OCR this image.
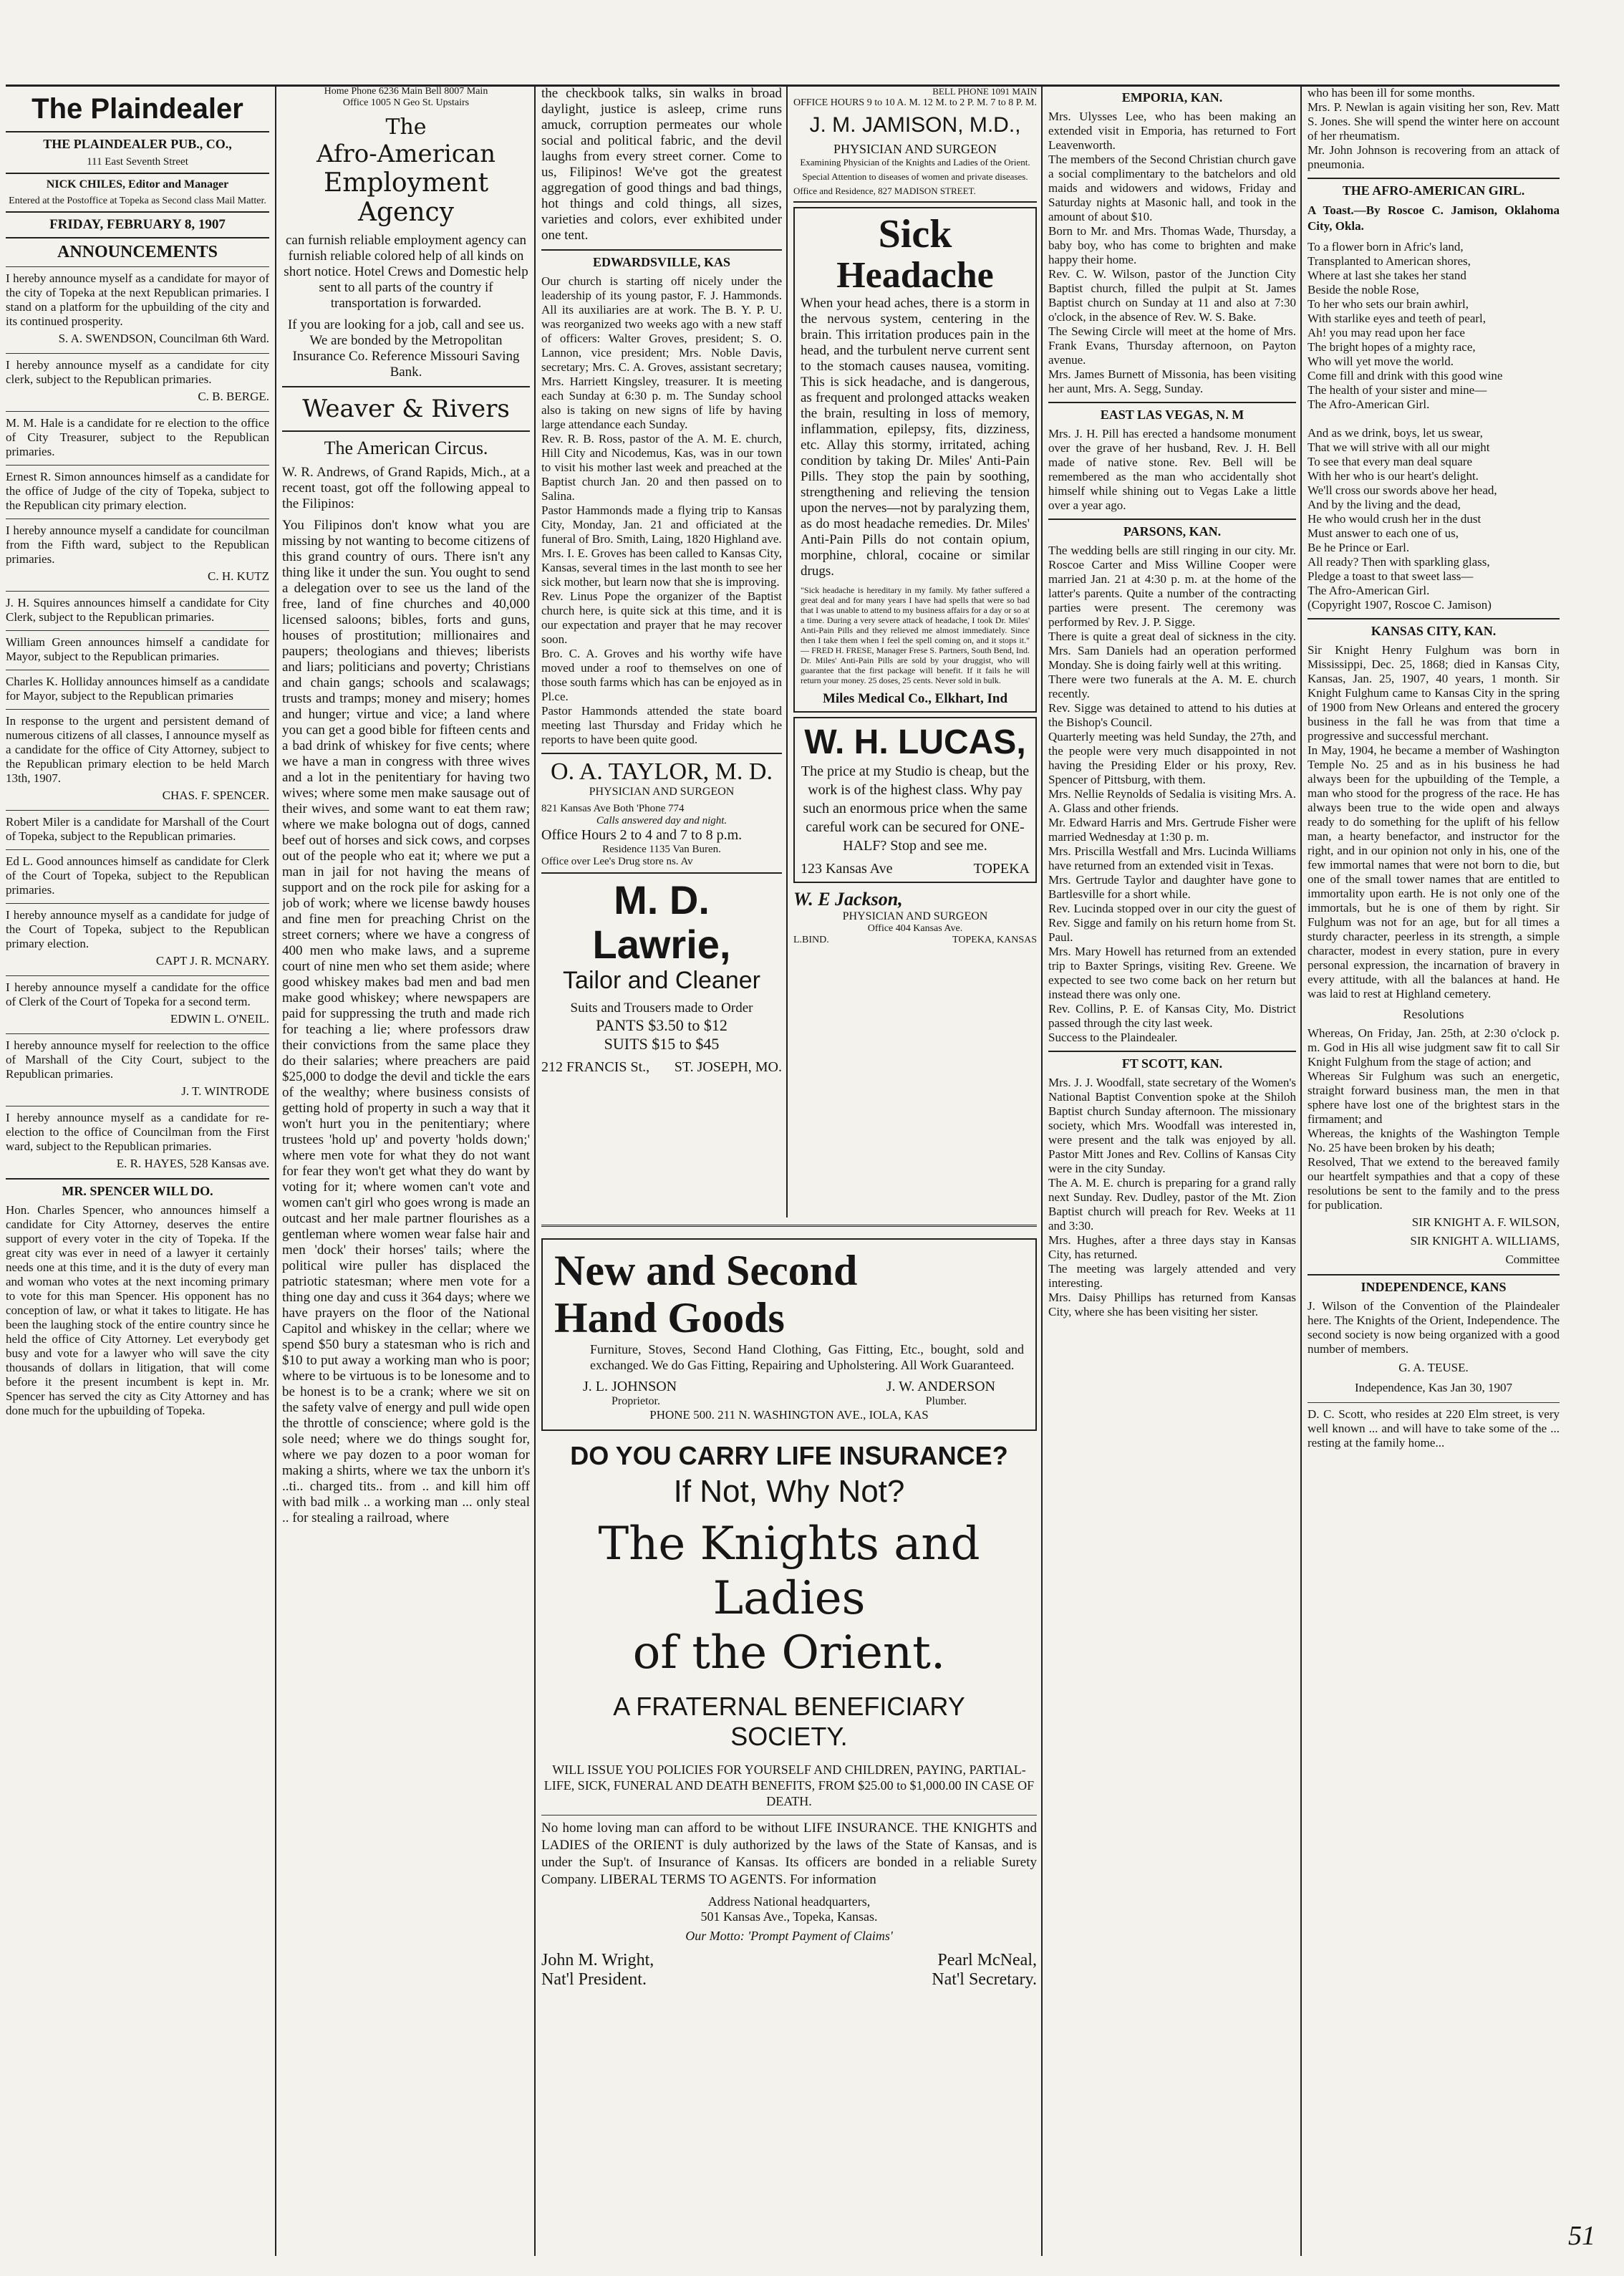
The Plaindealer
THE PLAINDEALER PUB., CO.,
111 East Seventh Street
NICK CHILES, Editor and Manager
Entered at the Postoffice at Topeka as Second class Mail Matter.
FRIDAY, FEBRUARY 8, 1907
ANNOUNCEMENTS

I hereby announce myself as a candidate for mayor of the city of Topeka at the next Republican primaries. I stand on a platform for the upbuilding of the city and its continued prosperity.

S. A. SWENDSON, Councilman 6th Ward.

I hereby announce myself as a candidate for city clerk, subject to the Republican primaries.

C. B. BERGE.

M. M. Hale is a candidate for re election to the office of City Treasurer, subject to the Republican primaries.

Ernest R. Simon announces himself as a candidate for the office of Judge of the city of Topeka, subject to the Republican city primary election.

I hereby announce myself a candidate for councilman from the Fifth ward, subject to the Republican primaries.

C. H. KUTZ

J. H. Squires announces himself a candidate for City Clerk, subject to the Republican primaries.

William Green announces himself a candidate for Mayor, subject to the Republican primaries.

Charles K. Holliday announces himself as a candidate for Mayor, subject to the Republican primaries

In response to the urgent and persistent demand of numerous citizens of all classes, I announce myself as a candidate for the office of City Attorney, subject to the Republican primary election to be held March 13th, 1907.

CHAS. F. SPENCER.

Robert Miler is a candidate for Marshall of the Court of Topeka, subject to the Republican primaries.

Ed L. Good announces himself as candidate for Clerk of the Court of Topeka, subject to the Republican primaries.

I hereby announce myself as a candidate for judge of the Court of Topeka, subject to the Republican primary election.

CAPT J. R. MCNARY.

I hereby announce myself a candidate for the office of Clerk of the Court of Topeka for a second term.

EDWIN L. O'NEIL.

I hereby announce myself for reelection to the office of Marshall of the City Court, subject to the Republican primaries.

J. T. WINTRODE

I hereby announce myself as a candidate for re-election to the office of Councilman from the First ward, subject to the Republican primaries.

E. R. HAYES, 528 Kansas ave.
MR. SPENCER WILL DO.

Hon. Charles Spencer, who announces himself a candidate for City Attorney, deserves the entire support of every voter in the city of Topeka. If the great city was ever in need of a lawyer it certainly needs one at this time, and it is the duty of every man and woman who votes at the next incoming primary to vote for this man Spencer. His opponent has no conception of law, or what it takes to litigate. He has been the laughing stock of the entire country since he held the office of City Attorney. Let everybody get busy and vote for a lawyer who will save the city thousands of dollars in litigation, that will come before it the present incumbent is kept in. Mr. Spencer has served the city as City Attorney and has done much for the upbuilding of Topeka.

Home Phone 6236 Main Bell 8007 Main
Office 1005 N Geo St. Upstairs
The
Afro-American
Employment Agency

can furnish reliable employment agency can furnish reliable colored help of all kinds on short notice. Hotel Crews and Domestic help sent to all parts of the country if transportation is forwarded.

If you are looking for a job, call and see us. We are bonded by the Metropolitan Insurance Co. Reference Missouri Saving Bank.

Weaver & Rivers
The American Circus.

W. R. Andrews, of Grand Rapids, Mich., at a recent toast, got off the following appeal to the Filipinos:

You Filipinos don't know what you are missing by not wanting to become citizens of this grand country of ours. There isn't any thing like it under the sun. You ought to send a delegation over to see us the land of the free, land of fine churches and 40,000 licensed saloons; bibles, forts and guns, houses of prostitution; millionaires and paupers; theologians and thieves; liberists and liars; politicians and poverty; Christians and chain gangs; schools and scalawags; trusts and tramps; money and misery; homes and hunger; virtue and vice; a land where you can get a good bible for fifteen cents and a bad drink of whiskey for five cents; where we have a man in congress with three wives and a lot in the penitentiary for having two wives; where some men make sausage out of their wives, and some want to eat them raw; where we make bologna out of dogs, canned beef out of horses and sick cows, and corpses out of the people who eat it; where we put a man in jail for not having the means of support and on the rock pile for asking for a job of work; where we license bawdy houses and fine men for preaching Christ on the street corners; where we have a congress of 400 men who make laws, and a supreme court of nine men who set them aside; where good whiskey makes bad men and bad men make good whiskey; where newspapers are paid for suppressing the truth and made rich for teaching a lie; where professors draw their convictions from the same place they do their salaries; where preachers are paid $25,000 to dodge the devil and tickle the ears of the wealthy; where business consists of getting hold of property in such a way that it won't hurt you in the penitentiary; where trustees 'hold up' and poverty 'holds down;' where men vote for what they do not want for fear they won't get what they do want by voting for it; where women can't vote and women can't girl who goes wrong is made an outcast and her male partner flourishes as a gentleman where women wear false hair and men 'dock' their horses' tails; where the political wire puller has displaced the patriotic statesman; where men vote for a thing one day and cuss it 364 days; where we have prayers on the floor of the National Capitol and whiskey in the cellar; where we spend $50 bury a statesman who is rich and $10 to put away a working man who is poor; where to be virtuous is to be lonesome and to be honest is to be a crank; where we sit on the safety valve of energy and pull wide open the throttle of conscience; where gold is the sole need; where we do things sought for, where we pay dozen to a poor woman for making a shirts, where we tax the unborn it's ..ti.. charged tits.. from .. and kill him off with bad milk .. a working man ... only steal .. for stealing a railroad, where

the checkbook talks, sin walks in broad daylight, justice is asleep, crime runs amuck, corruption permeates our whole social and political fabric, and the devil laughs from every street corner. Come to us, Filipinos! We've got the greatest aggregation of good things and bad things, hot things and cold things, all sizes, varieties and colors, ever exhibited under one tent.

EDWARDSVILLE, KAS

Our church is starting off nicely under the leadership of its young pastor, F. J. Hammonds. All its auxiliaries are at work. The B. Y. P. U. was reorganized two weeks ago with a new staff of officers: Walter Groves, president; S. O. Lannon, vice president; Mrs. Noble Davis, secretary; Mrs. C. A. Groves, assistant secretary; Mrs. Harriett Kingsley, treasurer. It is meeting each Sunday at 6:30 p. m. The Sunday school also is taking on new signs of life by having large attendance each Sunday.
Rev. R. B. Ross, pastor of the A. M. E. church, Hill City and Nicodemus, Kas, was in our town to visit his mother last week and preached at the Baptist church Jan. 20 and then passed on to Salina.
Pastor Hammonds made a flying trip to Kansas City, Monday, Jan. 21 and officiated at the funeral of Bro. Smith, Laing, 1820 Highland ave.
Mrs. I. E. Groves has been called to Kansas City, Kansas, several times in the last month to see her sick mother, but learn now that she is improving.
Rev. Linus Pope the organizer of the Baptist church here, is quite sick at this time, and it is our expectation and prayer that he may recover soon.
Bro. C. A. Groves and his worthy wife have moved under a roof to themselves on one of those south farms which has can be enjoyed as in Pl.ce.
Pastor Hammonds attended the state board meeting last Thursday and Friday which he reports to have been quite good.

O. A. TAYLOR, M. D.
PHYSICIAN AND SURGEON
821 Kansas Ave Both 'Phone 774
Calls answered day and night.
Office Hours 2 to 4 and 7 to 8 p.m.
Residence 1135 Van Buren.
Office over Lee's Drug store ns. Av
M. D. Lawrie,
Tailor and Cleaner
Suits and Trousers made to Order
PANTS $3.50 to $12
SUITS $15 to $45
212 FRANCIS St., ST. JOSEPH, MO.
BELL PHONE 1091 MAIN
OFFICE HOURS 9 to 10 A. M. 12 M. to 2 P. M. 7 to 8 P. M.
J. M. JAMISON, M.D.,
PHYSICIAN AND SURGEON
Examining Physician of the Knights and Ladies of the Orient.
Special Attention to diseases of women and private diseases.
Office and Residence, 827 MADISON STREET.
Sick
Headache

When your head aches, there is a storm in the nervous system, centering in the brain. This irritation produces pain in the head, and the turbulent nerve current sent to the stomach causes nausea, vomiting. This is sick headache, and is dangerous, as frequent and prolonged attacks weaken the brain, resulting in loss of memory, inflammation, epilepsy, fits, dizziness, etc. Allay this stormy, irritated, aching condition by taking Dr. Miles' Anti-Pain Pills. They stop the pain by soothing, strengthening and relieving the tension upon the nerves—not by paralyzing them, as do most headache remedies. Dr. Miles' Anti-Pain Pills do not contain opium, morphine, chloral, cocaine or similar drugs.

"Sick headache is hereditary in my family. My father suffered a great deal and for many years I have had spells that were so bad that I was unable to attend to my business affairs for a day or so at a time. During a very severe attack of headache, I took Dr. Miles' Anti-Pain Pills and they relieved me almost immediately. Since then I take them when I feel the spell coming on, and it stops it." — FRED H. FRESE, Manager Frese S. Partners, South Bend, Ind. Dr. Miles' Anti-Pain Pills are sold by your druggist, who will guarantee that the first package will benefit. If it fails he will return your money. 25 doses, 25 cents. Never sold in bulk.

Miles Medical Co., Elkhart, Ind
W. H. LUCAS,

The price at my Studio is cheap, but the work is of the highest class. Why pay such an enormous price when the same careful work can be secured for ONE-HALF? Stop and see me.

123 Kansas Ave	TOPEKA
W. E Jackson,
PHYSICIAN AND SURGEON
Office 404 Kansas Ave.
L.BIND.	TOPEKA, KANSAS
New and Second
Hand Goods

Furniture, Stoves, Second Hand Clothing, Gas Fitting, Etc., bought, sold and exchanged. We do Gas Fitting, Repairing and Upholstering. All Work Guaranteed.

J. L. JOHNSON	J. W. ANDERSON
Proprietor.	Plumber.
PHONE 500. 211 N. WASHINGTON AVE., IOLA, KAS
DO YOU CARRY LIFE INSURANCE?
If Not, Why Not?
The Knights and Ladies
of the Orient.
A FRATERNAL BENEFICIARY
SOCIETY.

WILL ISSUE YOU POLICIES FOR YOURSELF AND CHILDREN, PAYING, PARTIAL-LIFE, SICK, FUNERAL AND DEATH BENEFITS, FROM $25.00 to $1,000.00 IN CASE OF DEATH.

No home loving man can afford to be without LIFE INSURANCE. THE KNIGHTS and LADIES of the ORIENT is duly authorized by the laws of the State of Kansas, and is under the Sup't. of Insurance of Kansas. Its officers are bonded in a reliable Surety Company. LIBERAL TERMS TO AGENTS. For information

Address National headquarters,
501 Kansas Ave., Topeka, Kansas.
Our Motto: 'Prompt Payment of Claims'
John M. Wright,	Pearl McNeal,
Nat'l President.	Nat'l Secretary.
EMPORIA, KAN.

Mrs. Ulysses Lee, who has been making an extended visit in Emporia, has returned to Fort Leavenworth.
The members of the Second Christian church gave a social complimentary to the batchelors and old maids and widowers and widows, Friday and Saturday nights at Masonic hall, and took in the amount of about $10.
Born to Mr. and Mrs. Thomas Wade, Thursday, a baby boy, who has come to brighten and make happy their home.
Rev. C. W. Wilson, pastor of the Junction City Baptist church, filled the pulpit at St. James Baptist church on Sunday at 11 and also at 7:30 o'clock, in the absence of Rev. W. S. Bake.
The Sewing Circle will meet at the home of Mrs. Frank Evans, Thursday afternoon, on Payton avenue.
Mrs. James Burnett of Missonia, has been visiting her aunt, Mrs. A. Segg, Sunday.

EAST LAS VEGAS, N. M

Mrs. J. H. Pill has erected a handsome monument over the grave of her husband, Rev. J. H. Bell made of native stone. Rev. Bell will be remembered as the man who accidentally shot himself while shining out to Vegas Lake a little over a year ago.

PARSONS, KAN.

The wedding bells are still ringing in our city. Mr. Roscoe Carter and Miss Willine Cooper were married Jan. 21 at 4:30 p. m. at the home of the latter's parents. Quite a number of the contracting parties were present. The ceremony was performed by Rev. J. P. Sigge.
There is quite a great deal of sickness in the city. Mrs. Sam Daniels had an operation performed Monday. She is doing fairly well at this writing.
There were two funerals at the A. M. E. church recently.
Rev. Sigge was detained to attend to his duties at the Bishop's Council.
Quarterly meeting was held Sunday, the 27th, and the people were very much disappointed in not having the Presiding Elder or his proxy, Rev. Spencer of Pittsburg, with them.
Mrs. Nellie Reynolds of Sedalia is visiting Mrs. A. A. Glass and other friends.
Mr. Edward Harris and Mrs. Gertrude Fisher were married Wednesday at 1:30 p. m.
Mrs. Priscilla Westfall and Mrs. Lucinda Williams have returned from an extended visit in Texas.
Mrs. Gertrude Taylor and daughter have gone to Bartlesville for a short while.
Rev. Lucinda stopped over in our city the guest of Rev. Sigge and family on his return home from St. Paul.
Mrs. Mary Howell has returned from an extended trip to Baxter Springs, visiting Rev. Greene. We expected to see two come back on her return but instead there was only one.
Rev. Collins, P. E. of Kansas City, Mo. District passed through the city last week.
Success to the Plaindealer.

FT SCOTT, KAN.

Mrs. J. J. Woodfall, state secretary of the Women's National Baptist Convention spoke at the Shiloh Baptist church Sunday afternoon. The missionary society, which Mrs. Woodfall was interested in, were present and the talk was enjoyed by all. Pastor Mitt Jones and Rev. Collins of Kansas City were in the city Sunday.
The A. M. E. church is preparing for a grand rally next Sunday. Rev. Dudley, pastor of the Mt. Zion Baptist church will preach for Rev. Weeks at 11 and 3:30.
Mrs. Hughes, after a three days stay in Kansas City, has returned.
The meeting was largely attended and very interesting.
Mrs. Daisy Phillips has returned from Kansas City, where she has been visiting her sister.

who has been ill for some months.
Mrs. P. Newlan is again visiting her son, Rev. Matt S. Jones. She will spend the winter here on account of her rheumatism.
Mr. John Johnson is recovering from an attack of pneumonia.

THE AFRO-AMERICAN GIRL.

A Toast.—By Roscoe C. Jamison, Oklahoma City, Okla.

To a flower born in Afric's land,
Transplanted to American shores,
Where at last she takes her stand
Beside the noble Rose,
To her who sets our brain awhirl,
With starlike eyes and teeth of pearl,
Ah! you may read upon her face
The bright hopes of a mighty race,
Who will yet move the world.
Come fill and drink with this good wine
The health of your sister and mine—
The Afro-American Girl.

And as we drink, boys, let us swear,
That we will strive with all our might
To see that every man deal square
With her who is our heart's delight.
We'll cross our swords above her head,
And by the living and the dead,
He who would crush her in the dust
Must answer to each one of us,
Be he Prince or Earl.
All ready? Then with sparkling glass,
Pledge a toast to that sweet lass—
The Afro-American Girl.
(Copyright 1907, Roscoe C. Jamison)

KANSAS CITY, KAN.

Sir Knight Henry Fulghum was born in Mississippi, Dec. 25, 1868; died in Kansas City, Kansas, Jan. 25, 1907, 40 years, 1 month. Sir Knight Fulghum came to Kansas City in the spring of 1900 from New Orleans and entered the grocery business in the fall he was from that time a progressive and successful merchant.
In May, 1904, he became a member of Washington Temple No. 25 and as in his business he had always been for the upbuilding of the Temple, a man who stood for the progress of the race. He has always been true to the wide open and always ready to do something for the uplift of his fellow man, a hearty benefactor, and instructor for the right, and in our opinion not only in his, one of the few immortal names that were not born to die, but one of the small tower names that are entitled to immortality upon earth. He is not only one of the immortals, but he is one of them by right. Sir Fulghum was not for an age, but for all times a sturdy character, peerless in its strength, a simple character, modest in every station, pure in every personal expression, the incarnation of bravery in every attitude, with all the balances at hand. He was laid to rest at Highland cemetery.

Resolutions

Whereas, On Friday, Jan. 25th, at 2:30 o'clock p. m. God in His all wise judgment saw fit to call Sir Knight Fulghum from the stage of action; and
Whereas Sir Fulghum was such an energetic, straight forward business man, the men in that sphere have lost one of the brightest stars in the firmament; and
Whereas, the knights of the Washington Temple No. 25 have been broken by his death;
Resolved, That we extend to the bereaved family our heartfelt sympathies and that a copy of these resolutions be sent to the family and to the press for publication.

SIR KNIGHT A. F. WILSON,
SIR KNIGHT A. WILLIAMS,
Committee
INDEPENDENCE, KANS

J. Wilson of the Convention of the Plaindealer here. The Knights of the Orient, Independence. The second society is now being organized with a good number of members.

G. A. TEUSE.
Independence, Kas Jan 30, 1907

D. C. Scott, who resides at 220 Elm street, is very well known ... and will have to take some of the ... resting at the family home...

51
